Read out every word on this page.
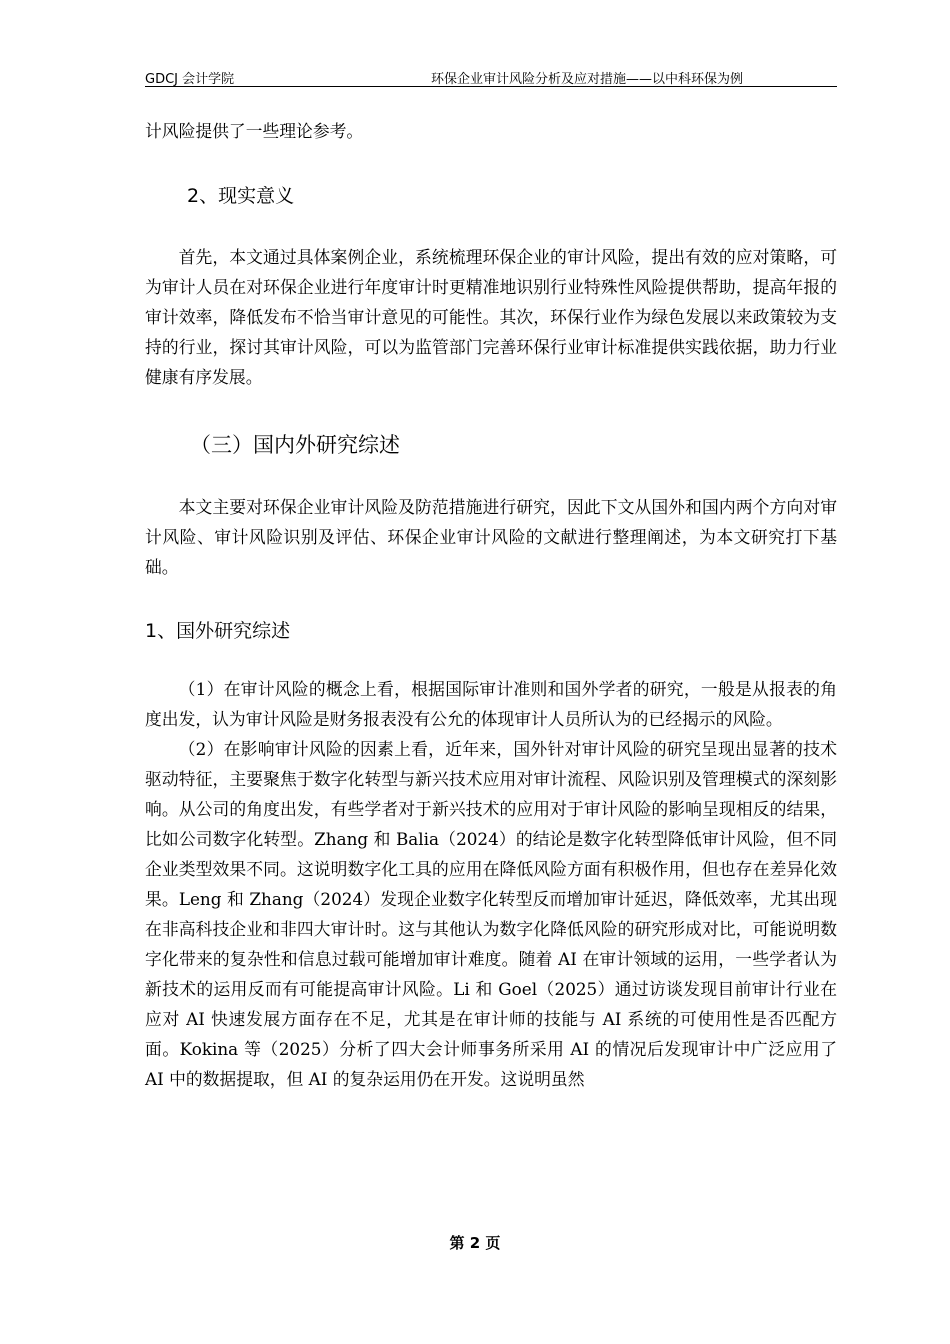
GDCJ 会计学院	环保企业审计风险分析及应对措施——以中科环保为例

计风险提供了一些理论参考。

2、现实意义

首先，本文通过具体案例企业，系统梳理环保企业的审计风险，提出有效的应对策略，可为审计人员在对环保企业进行年度审计时更精准地识别行业特殊性风险提供帮助，提高年报的审计效率，降低发布不恰当审计意见的可能性。其次，环保行业作为绿色发展以来政策较为支持的行业，探讨其审计风险，可以为监管部门完善环保行业审计标准提供实践依据，助力行业健康有序发展。

（三）国内外研究综述

本文主要对环保企业审计风险及防范措施进行研究，因此下文从国外和国内两个方向对审计风险、审计风险识别及评估、环保企业审计风险的文献进行整理阐述，为本文研究打下基础。

1、国外研究综述

（1）在审计风险的概念上看，根据国际审计准则和国外学者的研究，一般是从报表的角度出发，认为审计风险是财务报表没有公允的体现审计人员所认为的已经揭示的风险。

（2）在影响审计风险的因素上看，近年来，国外针对审计风险的研究呈现出显著的技术驱动特征，主要聚焦于数字化转型与新兴技术应用对审计流程、风险识别及管理模式的深刻影响。从公司的角度出发，有些学者对于新兴技术的应用对于审计风险的影响呈现相反的结果，比如公司数字化转型。Zhang 和 Balia（2024）的结论是数字化转型降低审计风险，但不同企业类型效果不同。这说明数字化工具的应用在降低风险方面有积极作用，但也存在差异化效果。Leng 和 Zhang（2024）发现企业数字化转型反而增加审计延迟，降低效率，尤其出现在非高科技企业和非四大审计时。这与其他认为数字化降低风险的研究形成对比，可能说明数字化带来的复杂性和信息过载可能增加审计难度。随着 AI 在审计领域的运用，一些学者认为新技术的运用反而有可能提高审计风险。Li 和 Goel（2025）通过访谈发现目前审计行业在应对 AI 快速发展方面存在不足，尤其是在审计师的技能与 AI 系统的可使用性是否匹配方面。Kokina 等（2025）分析了四大会计师事务所采用 AI 的情况后发现审计中广泛应用了 AI 中的数据提取，但 AI 的复杂运用仍在开发。这说明虽然

第 2 页
